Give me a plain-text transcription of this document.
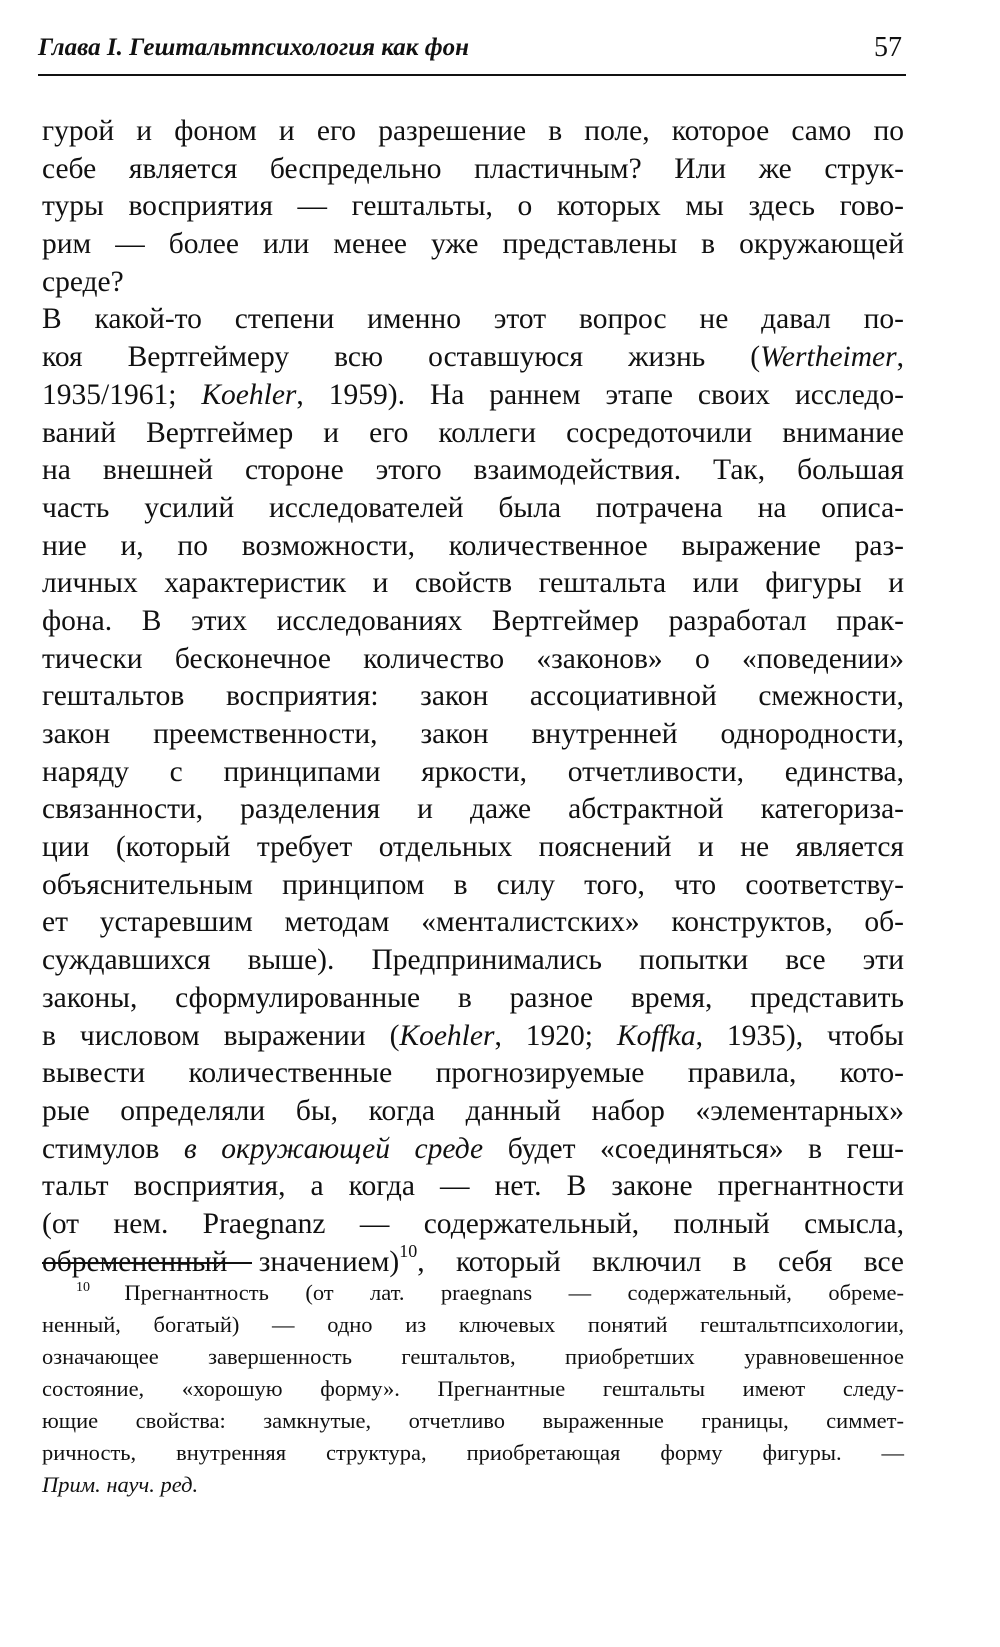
Глава I. Гештальтпсихология как фон	57
гурой и фоном и его разрешение в поле, которое само по
себе является беспредельно пластичным? Или же струк-
туры восприятия — гештальты, о которых мы здесь гово-
рим — более или менее уже представлены в окружающей
среде?
В какой-то степени именно этот вопрос не давал по-
коя Вертгеймеру всю оставшуюся жизнь (Wertheimer,
1935/1961; Koehler, 1959). На раннем этапе своих исследо-
ваний Вертгеймер и его коллеги сосредоточили внимание
на внешней стороне этого взаимодействия. Так, большая
часть усилий исследователей была потрачена на описа-
ние и, по возможности, количественное выражение раз-
личных характеристик и свойств гештальта или фигуры и
фона. В этих исследованиях Вертгеймер разработал прак-
тически бесконечное количество «законов» о «поведении»
гештальтов восприятия: закон ассоциативной смежности,
закон преемственности, закон внутренней однородности,
наряду с принципами яркости, отчетливости, единства,
связанности, разделения и даже абстрактной категориза-
ции (который требует отдельных пояснений и не является
объяснительным принципом в силу того, что соответству-
ет устаревшим методам «менталистских» конструктов, об-
суждавшихся выше). Предпринимались попытки все эти
законы, сформулированные в разное время, представить
в числовом выражении (Koehler, 1920; Koffka, 1935), чтобы
вывести количественные прогнозируемые правила, кото-
рые определяли бы, когда данный набор «элементарных»
стимулов в окружающей среде будет «соединяться» в геш-
тальт восприятия, а когда — нет. В законе прегнантности
(от нем. Praegnanz — содержательный, полный смысла,
обремененный значением)$^{10}$, который включил в себя все
$^{10}$ Прегнантность (от лат. praegnans — содержательный, обреме-
ненный, богатый) — одно из ключевых понятий гештальтпсихологии,
означающее завершенность гештальтов, приобретших уравновешенное
состояние, «хорошую форму». Прегнантные гештальты имеют следу-
ющие свойства: замкнутые, отчетливо выраженные границы, симмет-
ричность, внутренняя структура, приобретающая форму фигуры. —
Прим. науч. ред.
